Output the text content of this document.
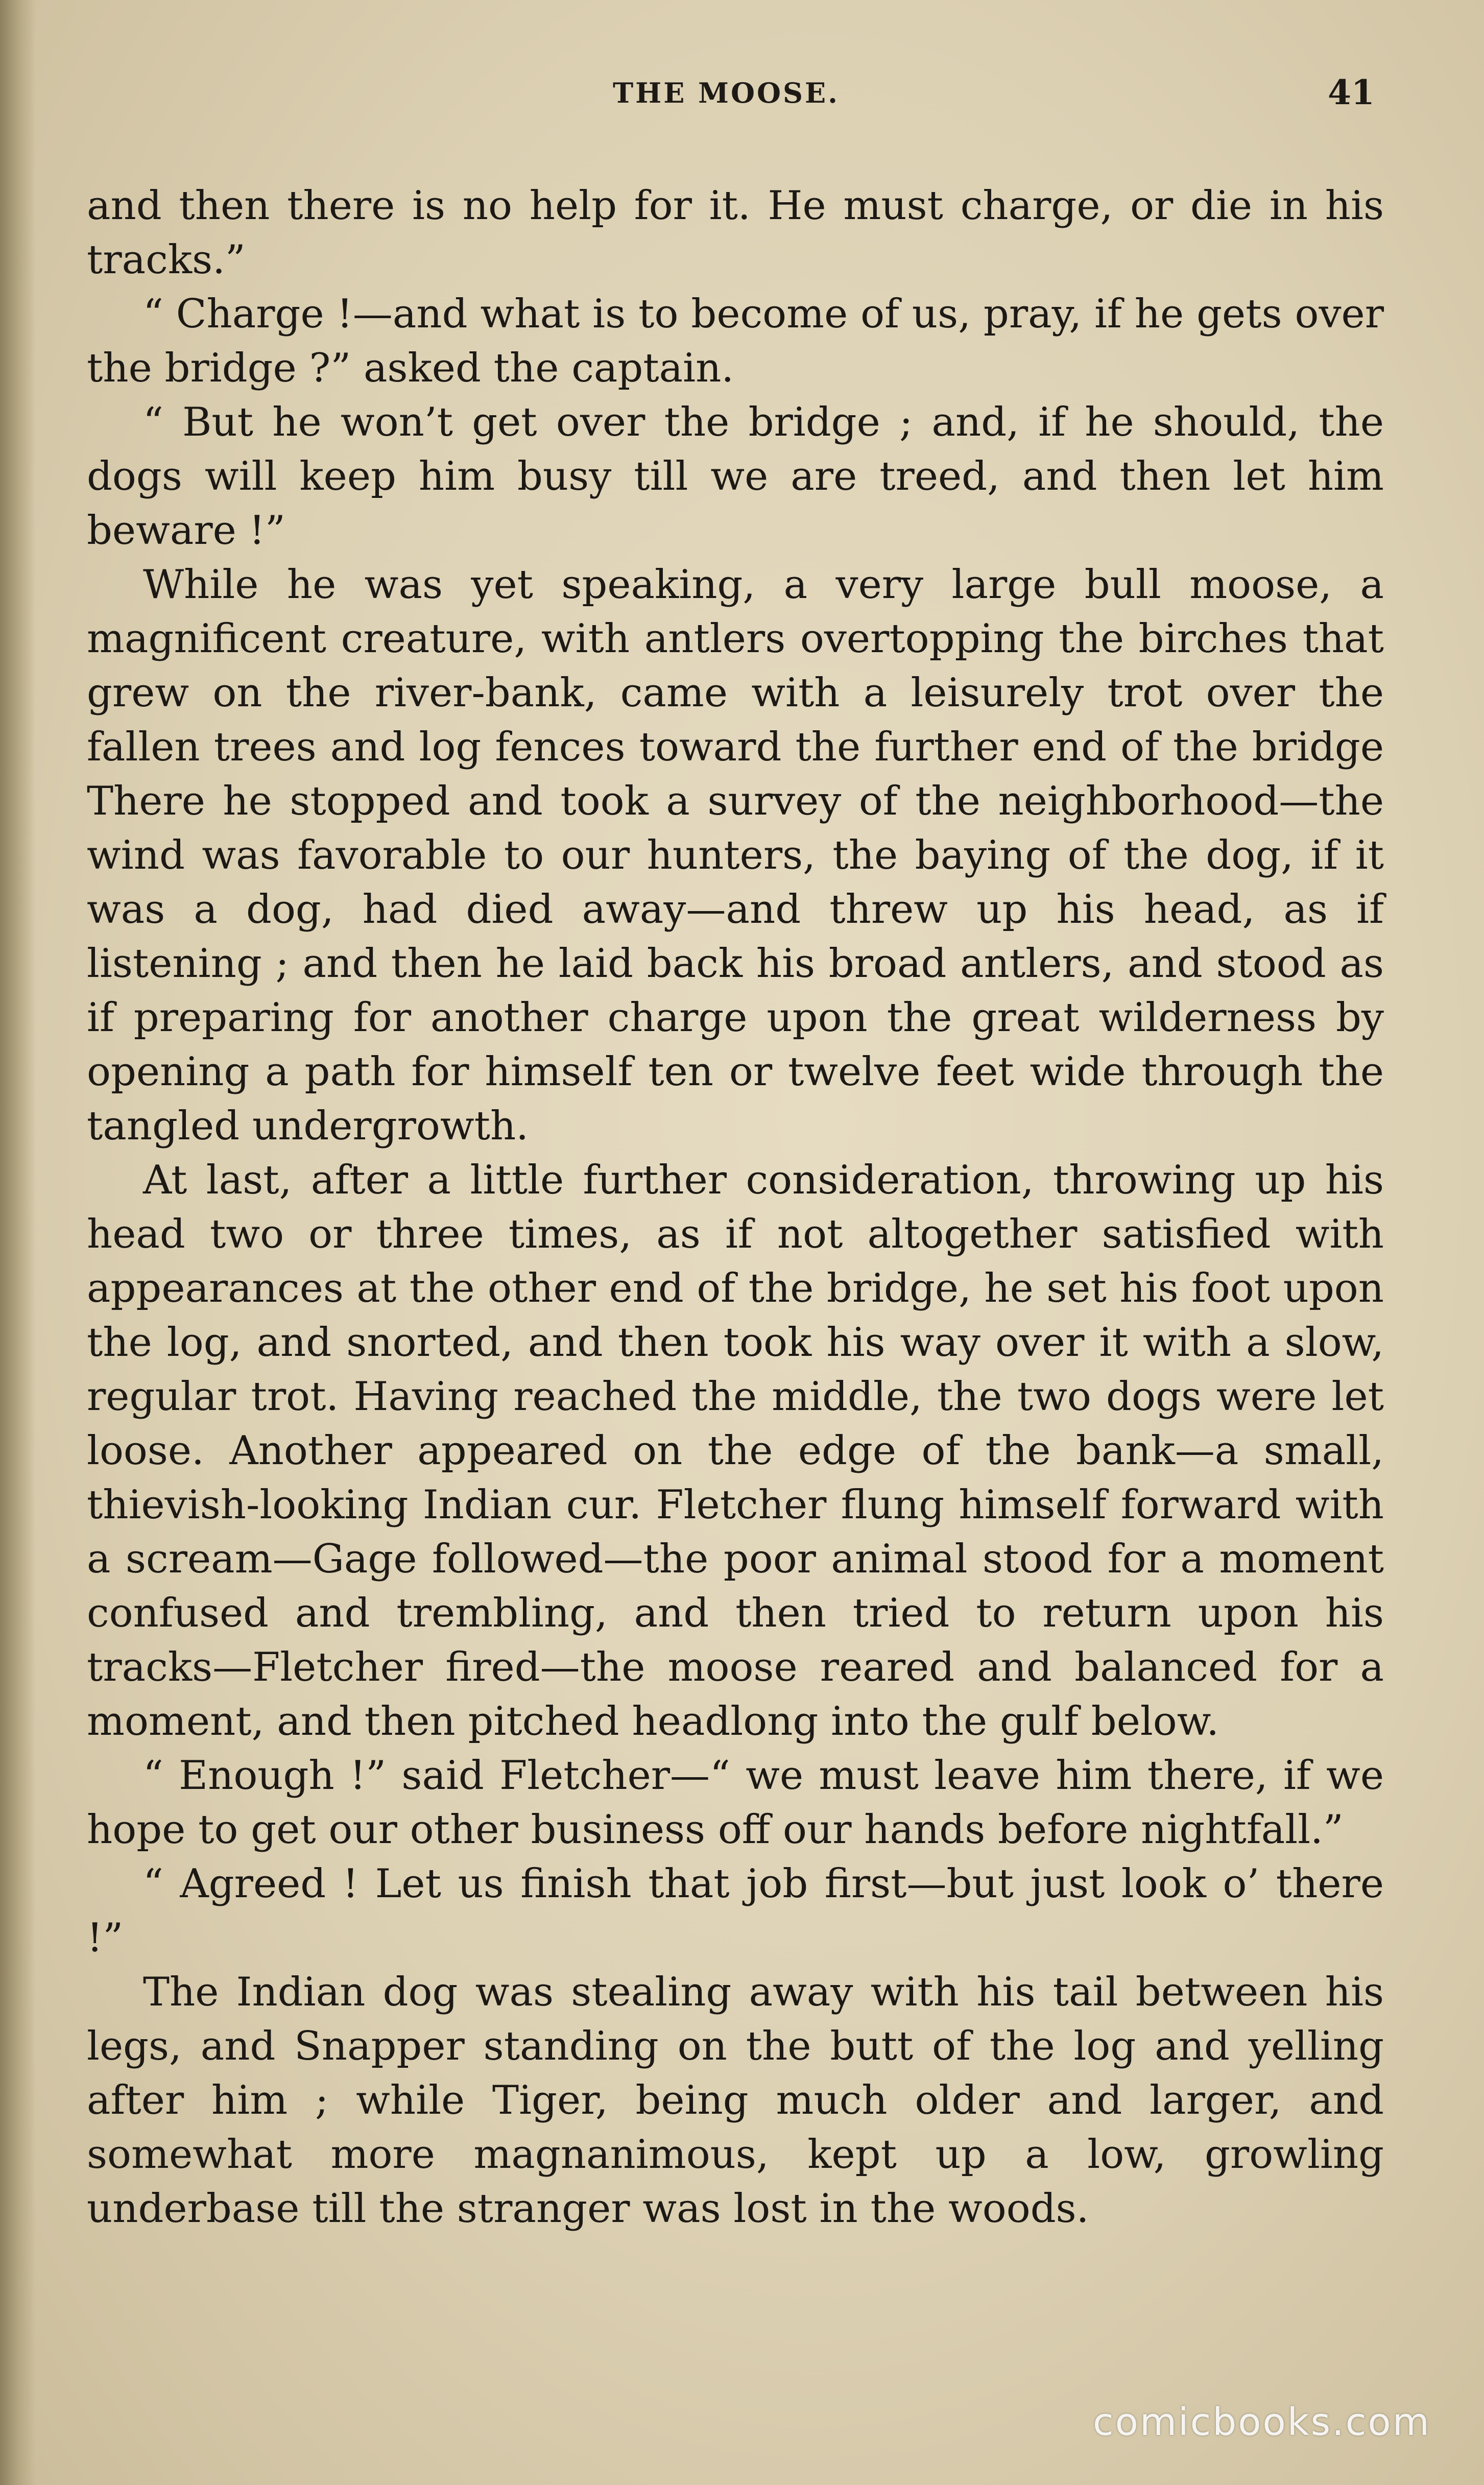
THE MOOSE.	41

and then there is no help for it. He must charge, or die in his tracks.”

“ Charge !—and what is to become of us, pray, if he gets over the bridge ?” asked the captain.

“ But he won’t get over the bridge ; and, if he should, the dogs will keep him busy till we are treed, and then let him beware !”

While he was yet speaking, a very large bull moose, a magnificent creature, with antlers overtopping the birches that grew on the river-bank, came with a leisurely trot over the fallen trees and log fences toward the further end of the bridge There he stopped and took a survey of the neighborhood—the wind was favorable to our hunters, the baying of the dog, if it was a dog, had died away—and threw up his head, as if listening ; and then he laid back his broad antlers, and stood as if preparing for another charge upon the great wilderness by opening a path for himself ten or twelve feet wide through the tangled undergrowth.

At last, after a little further consideration, throwing up his head two or three times, as if not altogether satisfied with appearances at the other end of the bridge, he set his foot upon the log, and snorted, and then took his way over it with a slow, regular trot. Having reached the middle, the two dogs were let loose. Another appeared on the edge of the bank—a small, thievish-looking Indian cur. Fletcher flung himself forward with a scream—Gage followed—the poor animal stood for a moment confused and trembling, and then tried to return upon his tracks—Fletcher fired—the moose reared and balanced for a moment, and then pitched headlong into the gulf below.

“ Enough !” said Fletcher—“ we must leave him there, if we hope to get our other business off our hands before nightfall.”

“ Agreed ! Let us finish that job first—but just look o’ there !”

The Indian dog was stealing away with his tail between his legs, and Snapper standing on the butt of the log and yelling after him ; while Tiger, being much older and larger, and somewhat more magnanimous, kept up a low, growling underbase till the stranger was lost in the woods.

comicbooks.com
